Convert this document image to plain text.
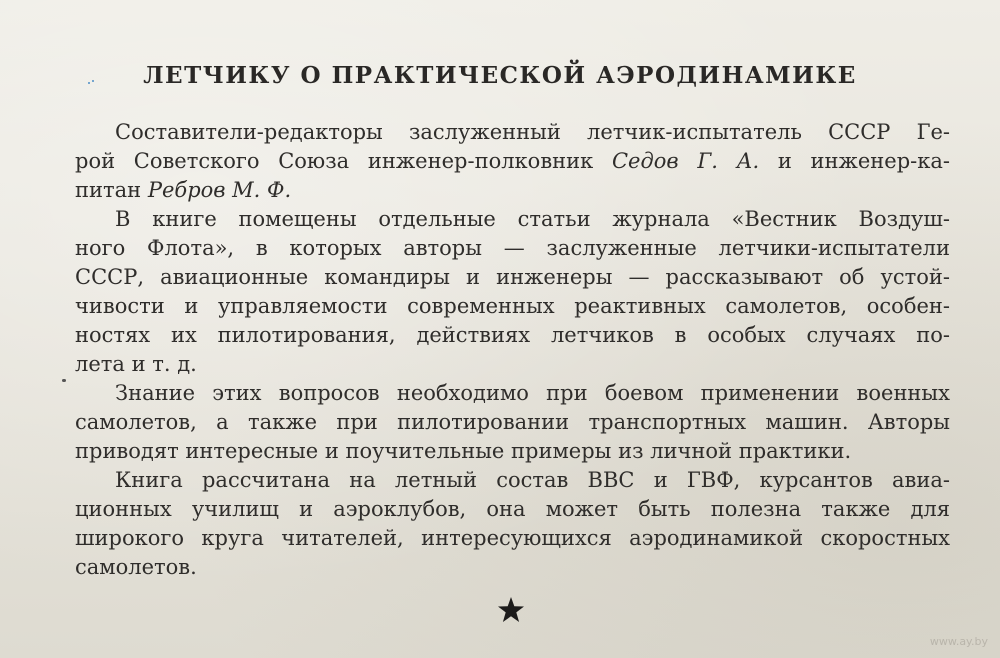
ЛЕТЧИКУ О ПРАКТИЧЕСКОЙ АЭРОДИНАМИКЕ
Составители-редакторы заслуженный летчик-испытатель СССР Ге-
рой Советского Союза инженер-полковник Седов Г. А. и инженер-ка-
питан Ребров М. Ф.
В книге помещены отдельные статьи журнала «Вестник Воздуш-
ного Флота», в которых авторы — заслуженные летчики-испытатели
СССР, авиационные командиры и инженеры — рассказывают об устой-
чивости и управляемости современных реактивных самолетов, особен-
ностях их пилотирования, действиях летчиков в особых случаях по-
лета и т. д.
Знание этих вопросов необходимо при боевом применении военных
самолетов, а также при пилотировании транспортных машин. Авторы
приводят интересные и поучительные примеры из личной практики.
Книга рассчитана на летный состав ВВС и ГВФ, курсантов авиа-
ционных училищ и аэроклубов, она может быть полезна также для
широкого круга читателей, интересующихся аэродинамикой скоростных
самолетов.
www.ay.by
